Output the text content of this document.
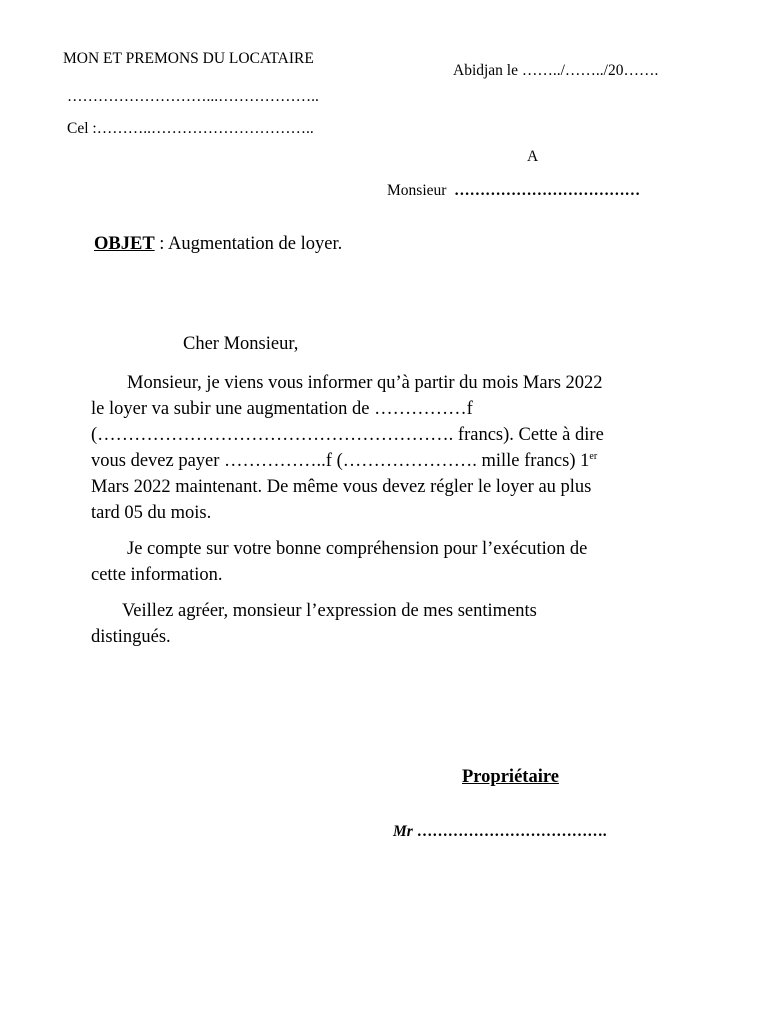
MON ET PREMONS DU LOCATAIRE
………………………...………………..
Cel :………..…………………………..
Abidjan le ……../……../20…….
A
Monsieur ………………………………
OBJET : Augmentation de loyer.
Cher Monsieur,
Monsieur, je viens vous informer qu’à partir du mois Mars 2022
le loyer va subir une augmentation de ……………f
(…………………………………………………. francs). Cette à dire
vous devez payer ……………..f (…………………. mille francs) 1er
Mars 2022 maintenant. De même vous devez régler le loyer au plus
tard 05 du mois.
Je compte sur votre bonne compréhension pour l’exécution de
cette information.
Veillez agréer, monsieur l’expression de mes sentiments
distingués.
Propriétaire
Mr ……………………………….
